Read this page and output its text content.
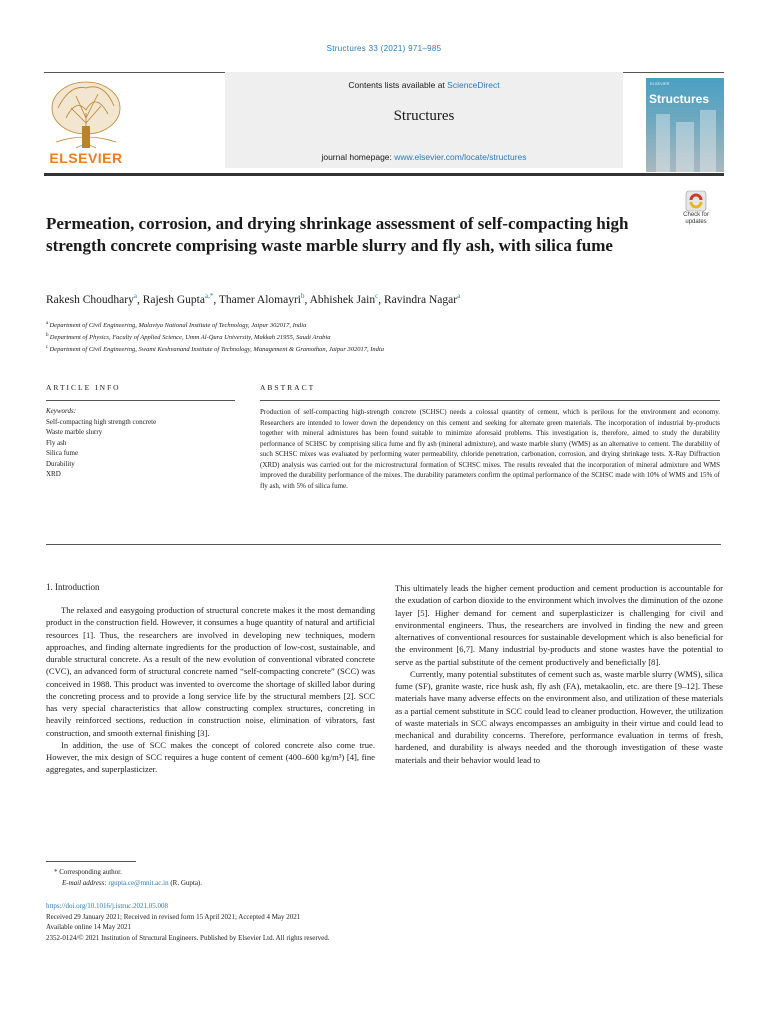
Structures 33 (2021) 971–985
ELSEVIER
Contents lists available at ScienceDirect
Structures
journal homepage: www.elsevier.com/locate/structures
ELSEVIER
Structures
Check for updates
Permeation, corrosion, and drying shrinkage assessment of self-compacting high strength concrete comprising waste marble slurry and fly ash, with silica fume
Rakesh Choudhary$^a$, Rajesh Gupta$^{a,*}$, Thamer Alomayri$^b$, Abhishek Jain$^c$, Ravindra Nagar$^a$
$^a$ Department of Civil Engineering, Malaviya National Institute of Technology, Jaipur 302017, India
$^b$ Department of Physics, Faculty of Applied Science, Umm Al-Qura University, Makkah 21955, Saudi Arabia
$^c$ Department of Civil Engineering, Swami Keshvanand Institute of Technology, Management & Gramothan, Jaipur 302017, India
ARTICLE INFO	ABSTRACT
Keywords:
Self-compacting high strength concrete
Waste marble slurry
Fly ash
Silica fume
Durability
XRD
Production of self-compacting high-strength concrete (SCHSC) needs a colossal quantity of cement, which is perilous for the environment and economy. Researchers are intended to lower down the dependency on this cement and seeking for alternate green materials. The incorporation of industrial by-products together with mineral admixtures has been found suitable to minimize aforesaid problems. This investigation is, therefore, aimed to study the durability performance of SCHSC by comprising silica fume and fly ash (mineral admixture), and waste marble slurry (WMS) as an alternative to cement. The durability of such SCHSC mixes was evaluated by performing water permeability, chloride penetration, carbonation, corrosion, and drying shrinkage tests. X-Ray Diffraction (XRD) analysis was carried out for the microstructural formation of SCHSC mixes. The results revealed that the incorporation of mineral admixture and WMS improved the durability performance of the mixes. The durability parameters confirm the optimal performance of the SCHSC made with 10% of WMS and 15% of fly ash, with 5% of silica fume.
1. Introduction

The relaxed and easygoing production of structural concrete makes it the most demanding product in the construction field. However, it consumes a huge quantity of natural and artificial resources [1]. Thus, the researchers are involved in developing new techniques, modern approaches, and finding alternate ingredients for the production of low-cost, sustainable, and durable structural concrete. As a result of the new evolution of conventional vibrated concrete (CVC), an advanced form of structural concrete named “self-compacting concrete” (SCC) was conceived in 1988. This product was invented to overcome the shortage of skilled labor during the concreting process and to provide a long service life by the structural members [2]. SCC has very special characteristics that allow constructing complex structures, concreting in heavily reinforced sections, reduction in construction noise, elimination of vibrators, fast construction, and smooth external finishing [3].

In addition, the use of SCC makes the concept of colored concrete also come true. However, the mix design of SCC requires a huge content of cement (400–600 kg/m³) [4], fine aggregates, and superplasticizer.

This ultimately leads the higher cement production and cement production is accountable for the exudation of carbon dioxide to the environment which involves the diminution of the ozone layer [5]. Higher demand for cement and superplasticizer is challenging for civil and environmental engineers. Thus, the researchers are involved in finding the new and green alternatives of conventional resources for sustainable development which is also beneficial for the environment [6,7]. Many industrial by-products and stone wastes have the potential to serve as the partial substitute of the cement productively and beneficially [8].

Currently, many potential substitutes of cement such as, waste marble slurry (WMS), silica fume (SF), granite waste, rice husk ash, fly ash (FA), metakaolin, etc. are there [9–12]. These materials have many adverse effects on the environment also, and utilization of these materials as a partial cement substitute in SCC could lead to cleaner production. However, the utilization of waste materials in SCC always encompasses an ambiguity in their virtue and could lead to mechanical and durability concerns. Therefore, performance evaluation in terms of fresh, hardened, and durability is always needed and the thorough investigation of these waste materials and their behavior would lead to

* Corresponding author.
E-mail address: rgupta.ce@mnit.ac.in (R. Gupta).
https://doi.org/10.1016/j.istruc.2021.05.008
Received 29 January 2021; Received in revised form 15 April 2021; Accepted 4 May 2021
Available online 14 May 2021
2352-0124/© 2021 Institution of Structural Engineers. Published by Elsevier Ltd. All rights reserved.
